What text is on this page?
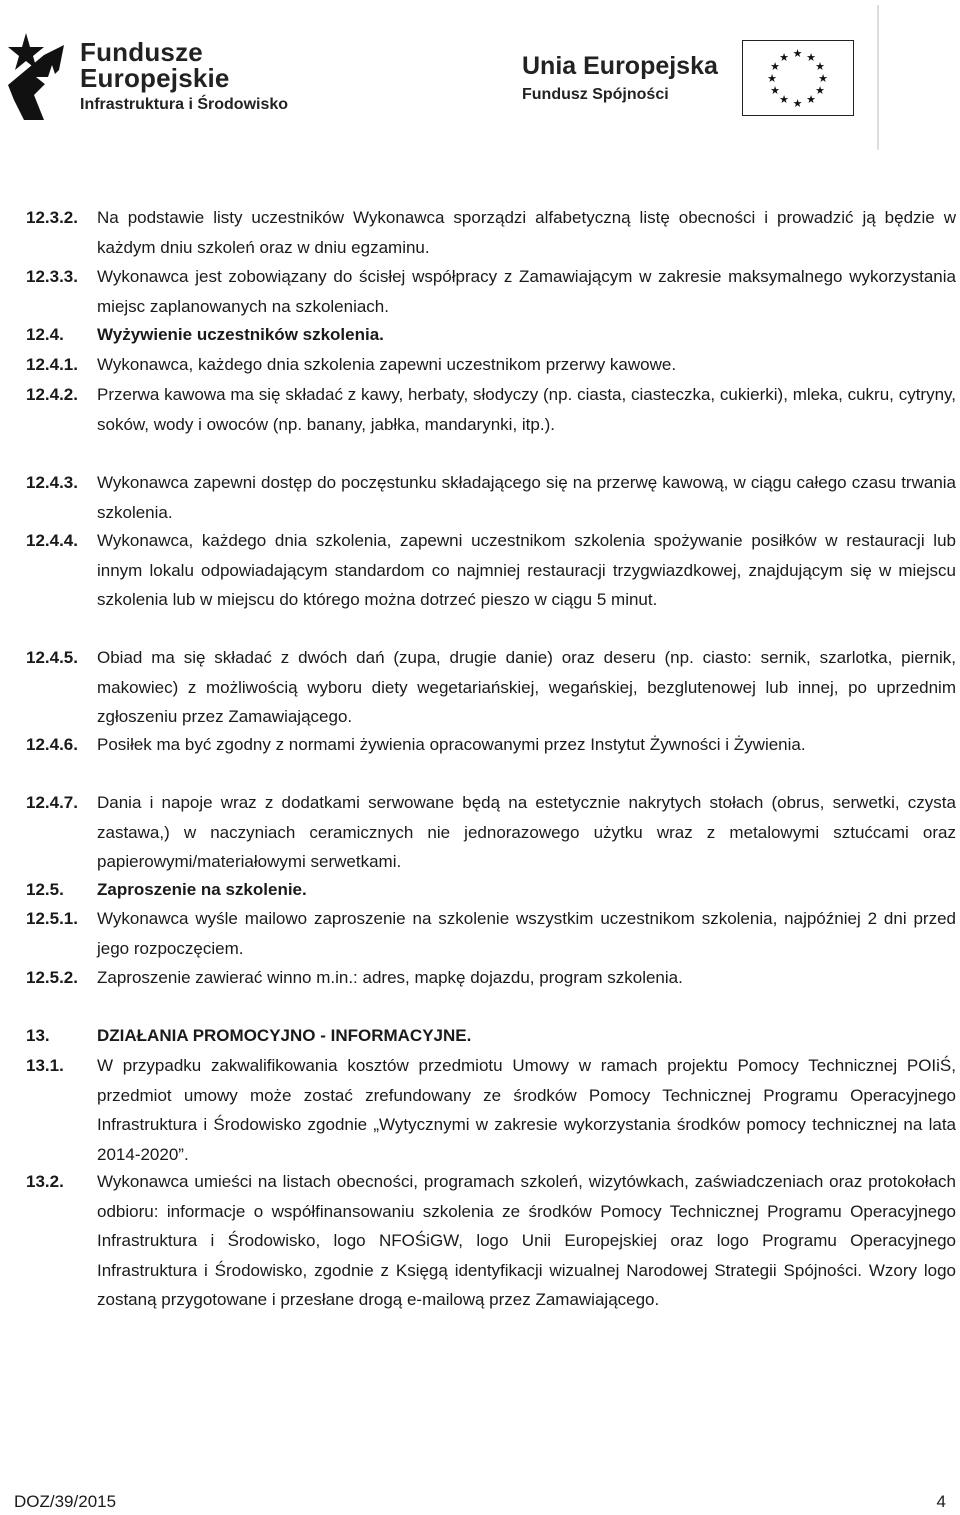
Fundusze
Europejskie
Infrastruktura i Środowisko
Unia Europejska
Fundusz Spójności
★ ★
★
★
★
★
★
★
★
★
★
★
12.3.2. Na podstawie listy uczestników Wykonawca sporządzi alfabetyczną listę obecności i prowadzić ją będzie w każdym dniu szkoleń oraz w dniu egzaminu.
12.3.3. Wykonawca jest zobowiązany do ścisłej współpracy z Zamawiającym w zakresie maksymalnego wykorzystania miejsc zaplanowanych na szkoleniach.
12.4. Wyżywienie uczestników szkolenia.
12.4.1. Wykonawca, każdego dnia szkolenia zapewni uczestnikom przerwy kawowe.
12.4.2. Przerwa kawowa ma się składać z kawy, herbaty, słodyczy (np. ciasta, ciasteczka, cukierki), mleka, cukru, cytryny, soków, wody i owoców (np. banany, jabłka, mandarynki, itp.).
12.4.3. Wykonawca zapewni dostęp do poczęstunku składającego się na przerwę kawową, w ciągu całego czasu trwania szkolenia.
12.4.4. Wykonawca, każdego dnia szkolenia, zapewni uczestnikom szkolenia spożywanie posiłków w restauracji lub innym lokalu odpowiadającym standardom co najmniej restauracji trzygwiazdkowej, znajdującym się w miejscu szkolenia lub w miejscu do którego można dotrzeć pieszo w ciągu 5 minut.
12.4.5. Obiad ma się składać z dwóch dań (zupa, drugie danie) oraz deseru (np. ciasto: sernik, szarlotka, piernik, makowiec) z możliwością wyboru diety wegetariańskiej, wegańskiej, bezglutenowej lub innej, po uprzednim zgłoszeniu przez Zamawiającego.
12.4.6. Posiłek ma być zgodny z normami żywienia opracowanymi przez Instytut Żywności i Żywienia.
12.4.7. Dania i napoje wraz z dodatkami serwowane będą na estetycznie nakrytych stołach (obrus, serwetki, czysta zastawa,) w naczyniach ceramicznych nie jednorazowego użytku wraz z metalowymi sztućcami oraz papierowymi/materiałowymi serwetkami.
12.5. Zaproszenie na szkolenie.
12.5.1. Wykonawca wyśle mailowo zaproszenie na szkolenie wszystkim uczestnikom szkolenia, najpóźniej 2 dni przed jego rozpoczęciem.
12.5.2. Zaproszenie zawierać winno m.in.: adres, mapkę dojazdu, program szkolenia.
13.	DZIAŁANIA PROMOCYJNO - INFORMACYJNE.
13.1. W przypadku zakwalifikowania kosztów przedmiotu Umowy w ramach projektu Pomocy Technicznej POIiŚ, przedmiot umowy może zostać zrefundowany ze środków Pomocy Technicznej Programu Operacyjnego Infrastruktura i Środowisko zgodnie „Wytycznymi w zakresie wykorzystania środków pomocy technicznej na lata 2014-2020”.
13.2. Wykonawca umieści na listach obecności, programach szkoleń, wizytówkach, zaświadczeniach oraz protokołach odbioru: informacje o współfinansowaniu szkolenia ze środków Pomocy Technicznej Programu Operacyjnego Infrastruktura i Środowisko, logo NFOŚiGW, logo Unii Europejskiej oraz logo Programu Operacyjnego Infrastruktura i Środowisko, zgodnie z Księgą identyfikacji wizualnej Narodowej Strategii Spójności. Wzory logo zostaną przygotowane i przesłane drogą e-mailową przez Zamawiającego.
DOZ/39/2015	4
